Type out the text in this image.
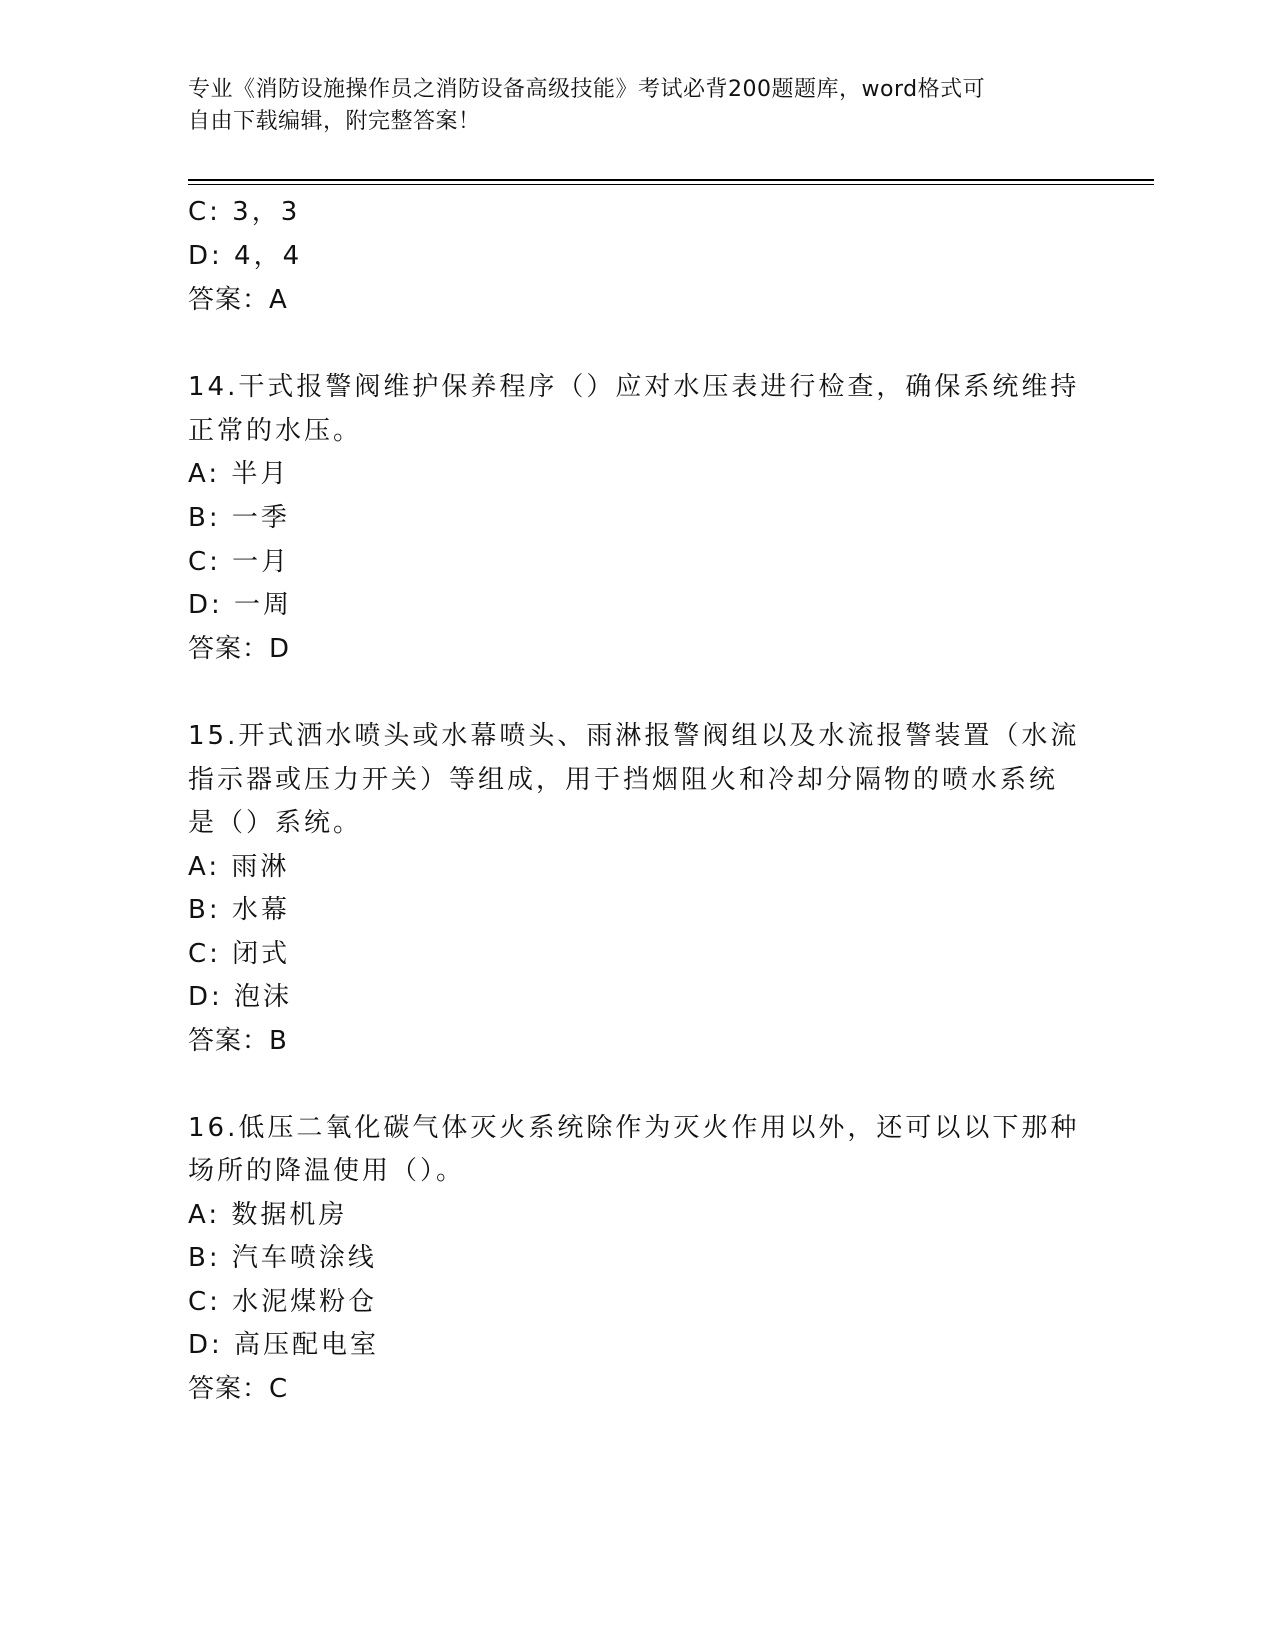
专业《消防设施操作员之消防设备高级技能》考试必背200题题库，word格式可
自由下载编辑，附完整答案！
C: 3，3
D: 4，4
答案：A
14.干式报警阀维护保养程序（）应对水压表进行检查，确保系统维持
正常的水压。
A: 半月
B: 一季
C: 一月
D: 一周
答案：D
15.开式洒水喷头或水幕喷头、雨淋报警阀组以及水流报警装置（水流
指示器或压力开关）等组成，用于挡烟阻火和冷却分隔物的喷水系统
是（）系统。
A: 雨淋
B: 水幕
C: 闭式
D: 泡沫
答案：B
16.低压二氧化碳气体灭火系统除作为灭火作用以外，还可以以下那种
场所的降温使用（）。
A: 数据机房
B: 汽车喷涂线
C: 水泥煤粉仓
D: 高压配电室
答案：C
